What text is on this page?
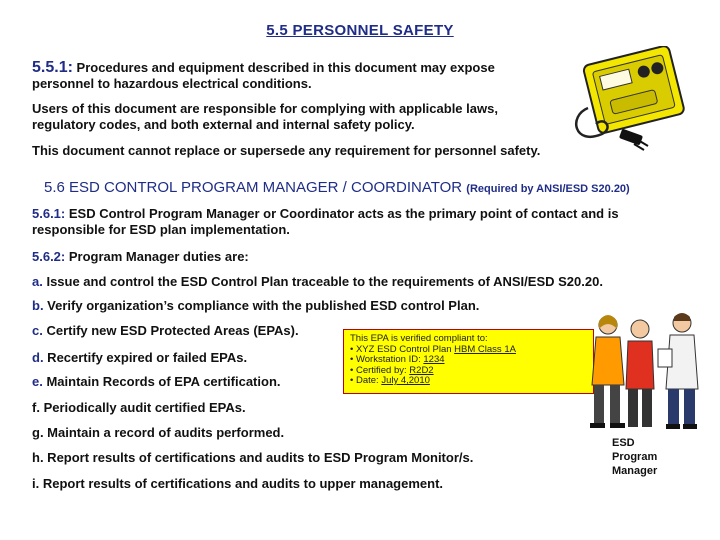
5.5 PERSONNEL SAFETY
5.5.1: Procedures and equipment described in this document may expose
personnel to hazardous electrical conditions.
Users of this document are responsible for complying with applicable laws,
regulatory codes, and both external and internal safety policy.
This document cannot replace or supersede any requirement for personnel safety.
5.6 ESD CONTROL PROGRAM MANAGER / COORDINATOR (Required by ANSI/ESD S20.20)
5.6.1: ESD Control Program Manager or Coordinator acts as the primary point of contact and is
responsible for ESD plan implementation.
5.6.2: Program Manager duties are:
a. Issue and control the ESD Control Plan traceable to the requirements of ANSI/ESD S20.20.
b. Verify organization’s compliance with the published ESD control Plan.
c. Certify new ESD Protected Areas (EPAs).
d. Recertify expired or failed EPAs.
e. Maintain Records of EPA certification.
f. Periodically audit certified EPAs.
g. Maintain a record of audits performed.
h. Report results of certifications and audits to ESD Program Monitor/s.
i. Report results of certifications and audits to upper management.
This EPA is verified compliant to:
• XYZ ESD Control Plan HBM Class 1A
• Workstation ID: 1234
• Certified by: R2D2
• Date: July 4,2010
ESD
Program
Manager
